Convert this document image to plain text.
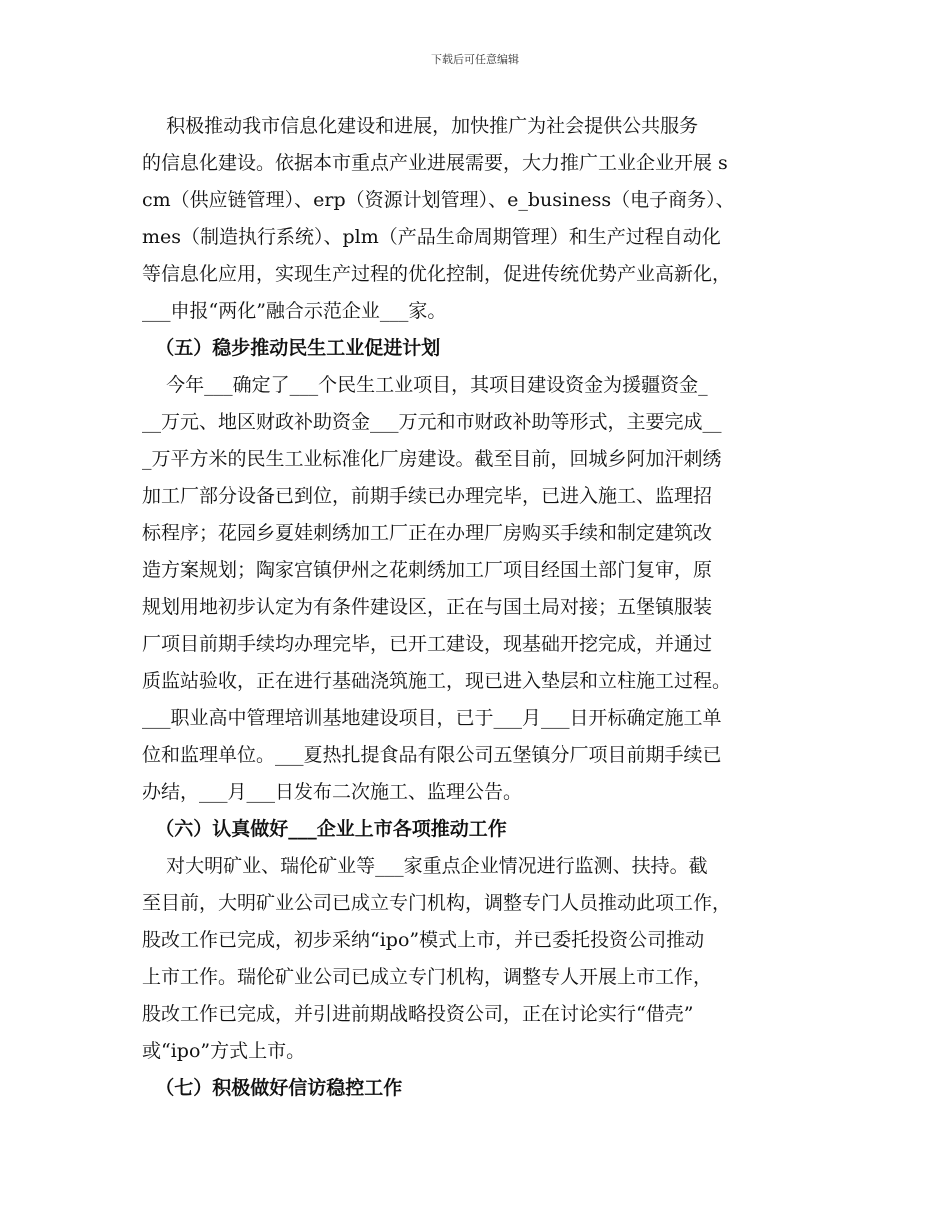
下载后可任意编辑
积极推动我市信息化建设和进展，加快推广为社会提供公共服务
的信息化建设。依据本市重点产业进展需要，大力推广工业企业开展 s
cm（供应链管理）、erp（资源计划管理）、e_business（电子商务）、
mes（制造执行系统）、plm（产品生命周期管理）和生产过程自动化
等信息化应用，实现生产过程的优化控制，促进传统优势产业高新化，
___申报“两化”融合示范企业___家。
（五）稳步推动民生工业促进计划
今年___确定了___个民生工业项目，其项目建设资金为援疆资金_
__万元、地区财政补助资金___万元和市财政补助等形式，主要完成__
_万平方米的民生工业标准化厂房建设。截至目前，回城乡阿加汗刺绣
加工厂部分设备已到位，前期手续已办理完毕，已进入施工、监理招
标程序；花园乡夏娃刺绣加工厂正在办理厂房购买手续和制定建筑改
造方案规划；陶家宫镇伊州之花刺绣加工厂项目经国土部门复审，原
规划用地初步认定为有条件建设区，正在与国土局对接；五堡镇服装
厂项目前期手续均办理完毕，已开工建设，现基础开挖完成，并通过
质监站验收，正在进行基础浇筑施工，现已进入垫层和立柱施工过程。
___职业高中管理培训基地建设项目，已于___月___日开标确定施工单
位和监理单位。___夏热扎提食品有限公司五堡镇分厂项目前期手续已
办结，___月___日发布二次施工、监理公告。
（六）认真做好___企业上市各项推动工作
对大明矿业、瑞伦矿业等___家重点企业情况进行监测、扶持。截
至目前，大明矿业公司已成立专门机构，调整专门人员推动此项工作，
股改工作已完成，初步采纳“ipo”模式上市，并已委托投资公司推动
上市工作。瑞伦矿业公司已成立专门机构，调整专人开展上市工作，
股改工作已完成，并引进前期战略投资公司，正在讨论实行“借壳”
或“ipo”方式上市。
（七）积极做好信访稳控工作
